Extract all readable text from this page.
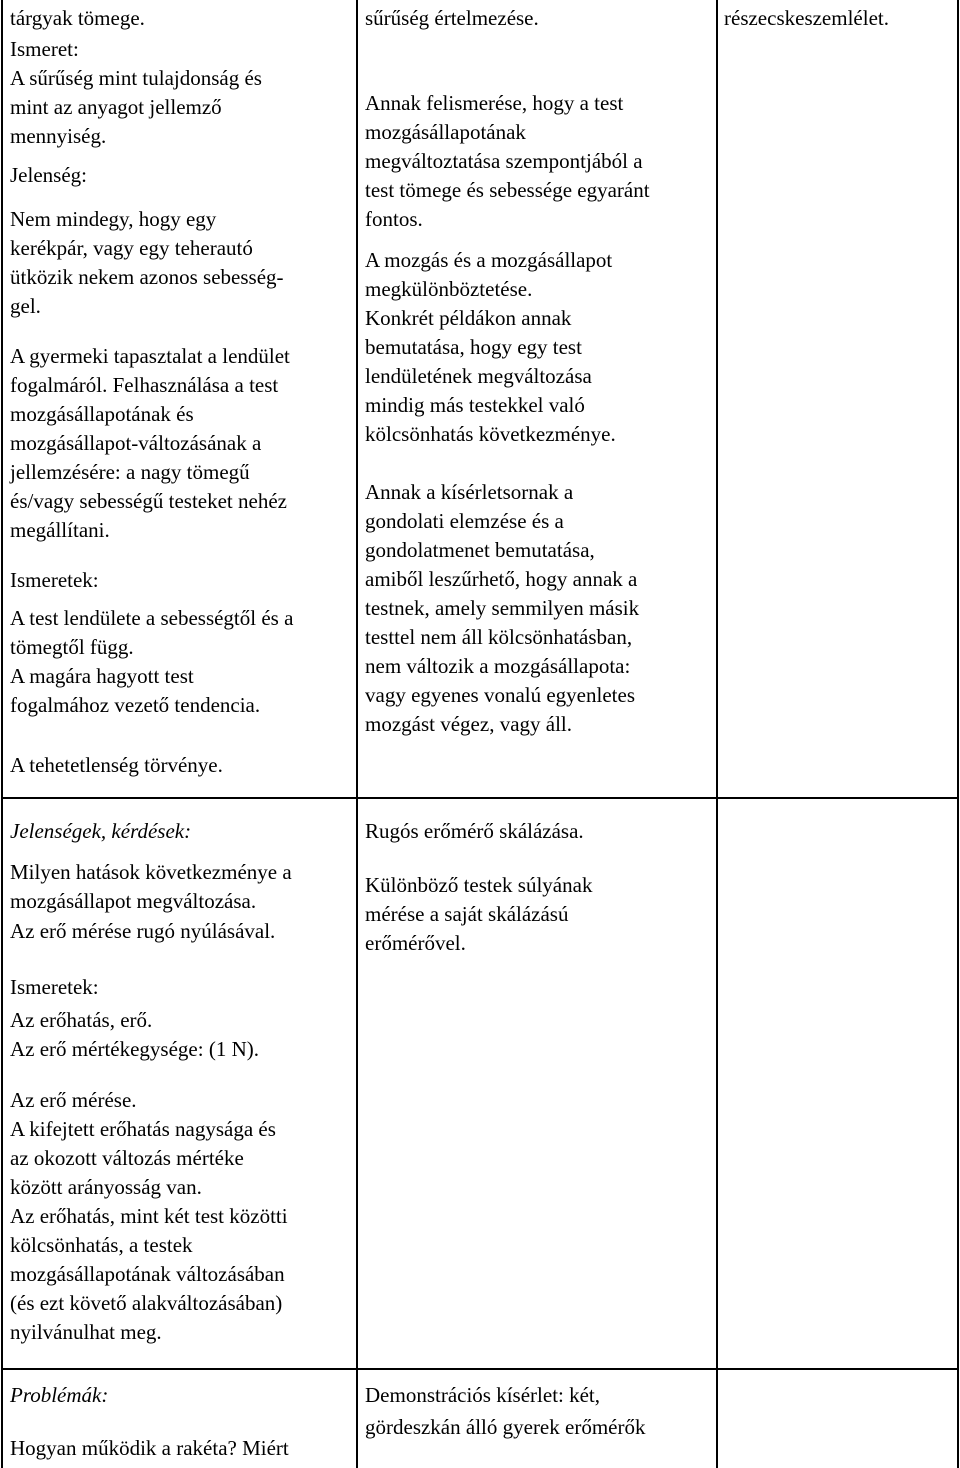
tárgyak tömege.
Ismeret:
A sűrűség mint tulajdonság és
mint az anyagot jellemző
mennyiség.
Jelenség:
Nem mindegy, hogy egy
kerékpár, vagy egy teherautó
ütközik nekem azonos sebesség-
gel.
A gyermeki tapasztalat a lendület
fogalmáról. Felhasználása a test
mozgásállapotának és
mozgásállapot-változásának a
jellemzésére: a nagy tömegű
és/vagy sebességű testeket nehéz
megállítani.
Ismeretek:
A test lendülete a sebességtől és a
tömegtől függ.
A magára hagyott test
fogalmához vezető tendencia.
A tehetetlenség törvénye.
sűrűség értelmezése.
Annak felismerése, hogy a test
mozgásállapotának
megváltoztatása szempontjából a
test tömege és sebessége egyaránt
fontos.
A mozgás és a mozgásállapot
megkülönböztetése.
Konkrét példákon annak
bemutatása, hogy egy test
lendületének megváltozása
mindig más testekkel való
kölcsönhatás következménye.
Annak a kísérletsornak a
gondolati elemzése és a
gondolatmenet bemutatása,
amiből leszűrhető, hogy annak a
testnek, amely semmilyen másik
testtel nem áll kölcsönhatásban,
nem változik a mozgásállapota:
vagy egyenes vonalú egyenletes
mozgást végez, vagy áll.
részecskeszemlélet.
Jelenségek, kérdések:
Milyen hatások következménye a
mozgásállapot megváltozása.
Az erő mérése rugó nyúlásával.
Ismeretek:
Az erőhatás, erő.
Az erő mértékegysége: (1 N).
Az erő mérése.
A kifejtett erőhatás nagysága és
az okozott változás mértéke
között arányosság van.
Az erőhatás, mint két test közötti
kölcsönhatás, a testek
mozgásállapotának változásában
(és ezt követő alakváltozásában)
nyilvánulhat meg.
Rugós erőmérő skálázása.
Különböző testek súlyának
mérése a saját skálázású
erőmérővel.
Problémák:
Hogyan működik a rakéta? Miért
Demonstrációs kísérlet: két,
gördeszkán álló gyerek erőmérők
